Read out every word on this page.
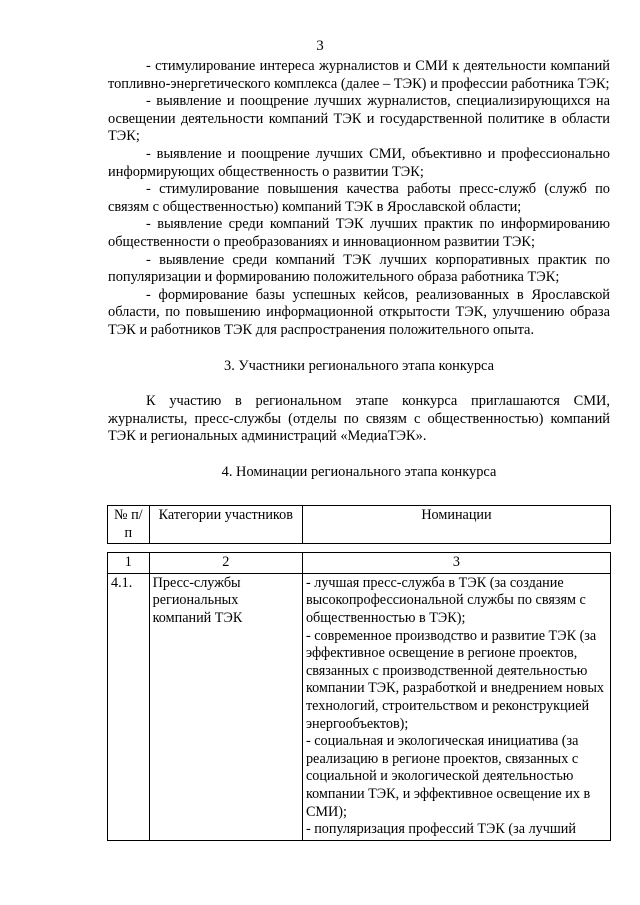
3

- стимулирование интереса журналистов и СМИ к деятельности компаний топливно-энергетического комплекса (далее – ТЭК) и профессии работника ТЭК;

- выявление и поощрение лучших журналистов, специализирующихся на освещении деятельности компаний ТЭК и государственной политике в области ТЭК;

- выявление и поощрение лучших СМИ, объективно и профессионально информирующих общественность о развитии ТЭК;

- стимулирование повышения качества работы пресс-служб (служб по связям с общественностью) компаний ТЭК в Ярославской области;

- выявление среди компаний ТЭК лучших практик по информированию общественности о преобразованиях и инновационном развитии ТЭК;

- выявление среди компаний ТЭК лучших корпоративных практик по популяризации и формированию положительного образа работника ТЭК;

- формирование базы успешных кейсов, реализованных в Ярославской области, по повышению информационной открытости ТЭК, улучшению образа ТЭК и работников ТЭК для распространения положительного опыта.

3. Участники регионального этапа конкурса

К участию в региональном этапе конкурса приглашаются СМИ, журналисты, пресс-службы (отделы по связям с общественностью) компаний ТЭК и региональных администраций «МедиаТЭК».

4. Номинации регионального этапа конкурса

№ п/п	Категории участников	Номинации

1	2	3
4.1.	Пресс-службы региональных компаний ТЭК	- лучшая пресс-служба в ТЭК (за создание высокопрофессиональной службы по связям с общественностью в ТЭК);
- современное производство и развитие ТЭК (за эффективное освещение в регионе проектов, связанных с производственной деятельностью компании ТЭК, разработкой и внедрением новых технологий, строительством и реконструкцией энергообъектов);
- социальная и экологическая инициатива (за реализацию в регионе проектов, связанных с социальной и экологической деятельностью компании ТЭК, и эффективное освещение их в СМИ);
- популяризация профессий ТЭК (за лучший
